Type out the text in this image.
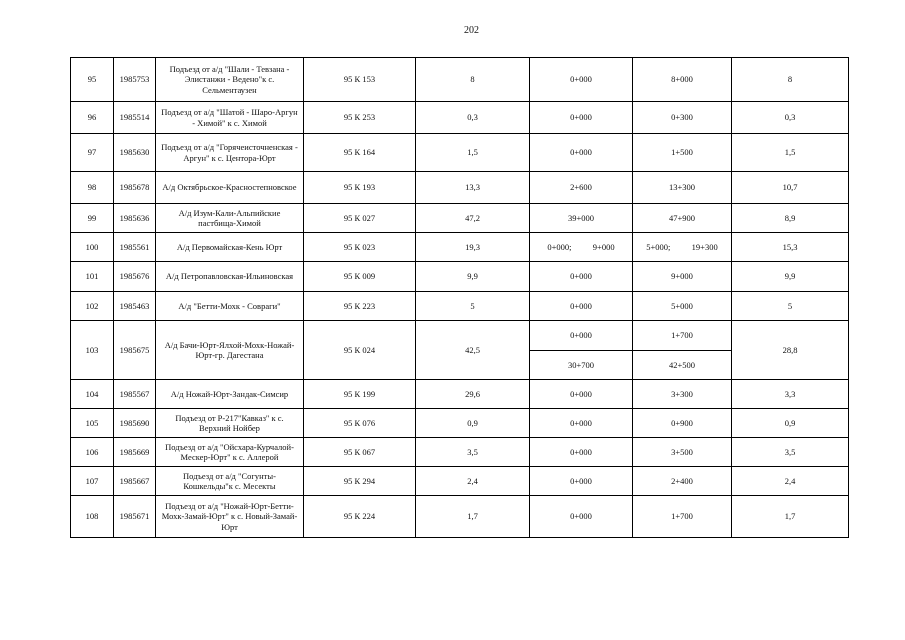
202
95	1985753	Подъезд от а/д "Шали - Тевзана - Элистанжи - Ведено"к с. Сельментаузен	95 К 153	8	0+000	8+000	8
96	1985514	Подъезд от а/д "Шатой - Шаро-Аргун - Химой" к с. Химой	95 К 253	0,3	0+000	0+300	0,3
97	1985630	Подъезд от а/д "Горячеисточненская - Аргун" к с. Центора-Юрт	95 К 164	1,5	0+000	1+500	1,5
98	1985678	А/д Октябрьское-Красностепновское	95 К 193	13,3	2+600	13+300	10,7
99	1985636	А/д Изум-Кали-Альпийские пастбища-Химой	95 К 027	47,2	39+000	47+900	8,9
100	1985561	А/д Первомайская-Кень Юрт	95 К 023	19,3	0+000;          9+000	5+000;          19+300	15,3
101	1985676	А/д Петропавловская-Ильиновская	95 К 009	9,9	0+000	9+000	9,9
102	1985463	А/д "Бетти-Мохк - Совраги"	95 К 223	5	0+000	5+000	5
103	1985675	А/д Бачи-Юрт-Ялхой-Мохк-Ножай-Юрт-гр. Дагестана	95 К 024	42,5	0+000	1+700	28,8
					30+700	42+500	
104	1985567	А/д Ножай-Юрт-Зандак-Симсир	95 К 199	29,6	0+000	3+300	3,3
105	1985690	Подъезд от Р-217"Кавказ" к с. Верхний Нойбер	95 К 076	0,9	0+000	0+900	0,9
106	1985669	Подъезд от а/д "Ойсхара-Курчалой-Мескер-Юрт" к с. Аллерой	95 К 067	3,5	0+000	3+500	3,5
107	1985667	Подъезд от а/д "Согунты-Кошкельды"к с. Месекты	95 К 294	2,4	0+000	2+400	2,4
108	1985671	Подъезд от а/д "Ножай-Юрт-Бетти-Мохк-Замай-Юрт" к с. Новый-Замай-Юрт	95 К 224	1,7	0+000	1+700	1,7
